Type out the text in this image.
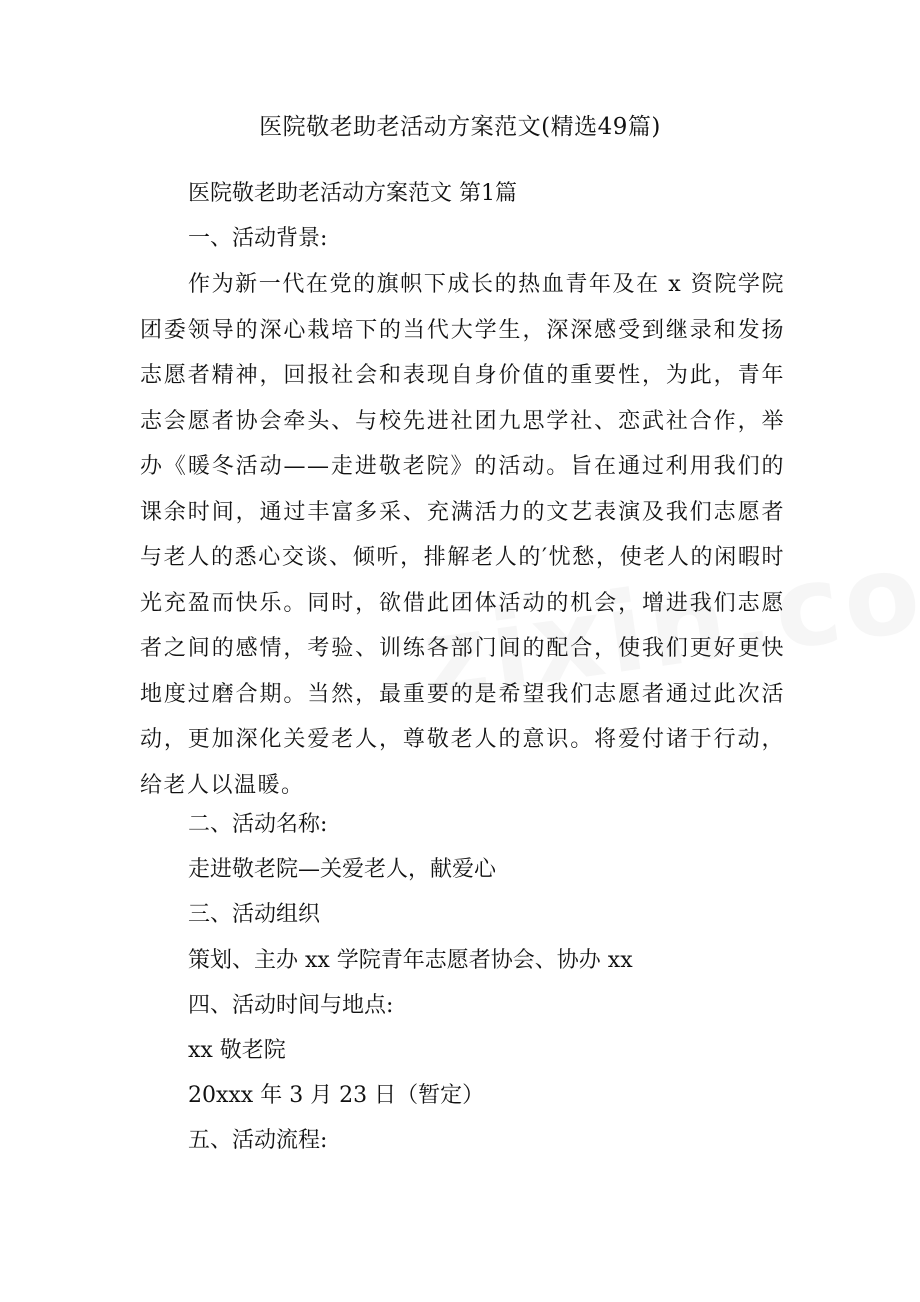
医院敬老助老活动方案范文(精选49篇)
医院敬老助老活动方案范文 第1篇
一、活动背景:
作为新一代在党的旗帜下成长的热血青年及在 x 资院学院团委领导的深心栽培下的当代大学生，深深感受到继录和发扬志愿者精神，回报社会和表现自身价值的重要性，为此，青年志会愿者协会牵头、与校先进社团九思学社、恋武社合作，举办《暖冬活动——走进敬老院》的活动。旨在通过利用我们的课余时间，通过丰富多采、充满活力的文艺表演及我们志愿者与老人的悉心交谈、倾听，排解老人的′忧愁，使老人的闲暇时光充盈而快乐。同时，欲借此团体活动的机会，增进我们志愿者之间的感情，考验、训练各部门间的配合，使我们更好更快地度过磨合期。当然，最重要的是希望我们志愿者通过此次活动，更加深化关爱老人，尊敬老人的意识。将爱付诸于行动，给老人以温暖。
二、活动名称:
走进敬老院—关爱老人，献爱心
三、活动组织
策划、主办 xx 学院青年志愿者协会、协办 xx
四、活动时间与地点:
xx 敬老院
20xxx 年 3 月 23 日（暂定）
五、活动流程:
